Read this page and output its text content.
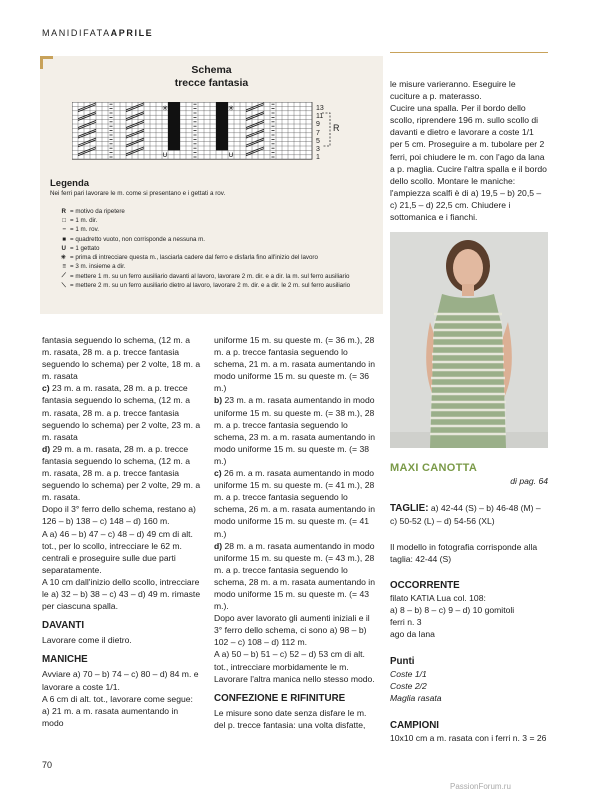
MANIDIFATAAPRILE
Schema
trecce fantasia
✳	✳
U	U
13
11
9
7
5
3
1
R
Legenda
Nei ferri pari lavorare le m. come si presentano e i gettati a rov.
R = motivo da ripetere
□ = 1 m. dir.
− = 1 m. rov.
■ = quadretto vuoto, non corrisponde a nessuna m.
U = 1 gettato
✳ = prima di intrecciare questa m., lasciarla cadere dal ferro e disfarla fino all'inizio del lavoro
≡ = 3 m. insieme a dir.
⟋ = mettere 1 m. su un ferro ausiliario davanti al lavoro, lavorare 2 m. dir. e a dir. la m. sul ferro ausiliario
⟍ = mettere 2 m. su un ferro ausiliario dietro al lavoro, lavorare 2 m. dir. e a dir. le 2 m. sul ferro ausiliario

fantasia seguendo lo schema, (12 m. a m. rasata, 28 m. a p. trecce fantasia seguendo lo schema) per 2 volte, 18 m. a m. rasata

c) 23 m. a m. rasata, 28 m. a p. trecce fantasia seguendo lo schema, (12 m. a m. rasata, 28 m. a p. trecce fantasia seguendo lo schema) per 2 volte, 23 m. a m. rasata

d) 29 m. a m. rasata, 28 m. a p. trecce fantasia seguendo lo schema, (12 m. a m. rasata, 28 m. a p. trecce fantasia seguendo lo schema) per 2 volte, 29 m. a m. rasata.

Dopo il 3° ferro dello schema, restano a) 126 – b) 138 – c) 148 – d) 160 m.

A a) 46 – b) 47 – c) 48 – d) 49 cm di alt. tot., per lo scollo, intrecciare le 62 m. centrali e proseguire sulle due parti separatamente.

A 10 cm dall'inizio dello scollo, intrecciare le a) 32 – b) 38 – c) 43 – d) 49 m. rimaste per ciascuna spalla.

DAVANTI

Lavorare come il dietro.

MANICHE

Avviare a) 70 – b) 74 – c) 80 – d) 84 m. e lavorare a coste 1/1.

A 6 cm di alt. tot., lavorare come segue: a) 21 m. a m. rasata aumentando in modo

uniforme 15 m. su queste m. (= 36 m.), 28 m. a p. trecce fantasia seguendo lo schema, 21 m. a m. rasata aumentando in modo uniforme 15 m. su queste m. (= 36 m.)

b) 23 m. a m. rasata aumentando in modo uniforme 15 m. su queste m. (= 38 m.), 28 m. a p. trecce fantasia seguendo lo schema, 23 m. a m. rasata aumentando in modo uniforme 15 m. su queste m. (= 38 m.)

c) 26 m. a m. rasata aumentando in modo uniforme 15 m. su queste m. (= 41 m.), 28 m. a p. trecce fantasia seguendo lo schema, 26 m. a m. rasata aumentando in modo uniforme 15 m. su queste m. (= 41 m.)

d) 28 m. a m. rasata aumentando in modo uniforme 15 m. su queste m. (= 43 m.), 28 m. a p. trecce fantasia seguendo lo schema, 28 m. a m. rasata aumentando in modo uniforme 15 m. su queste m. (= 43 m.).

Dopo aver lavorato gli aumenti iniziali e il 3° ferro dello schema, ci sono a) 98 – b) 102 – c) 108 – d) 112 m.

A a) 50 – b) 51 – c) 52 – d) 53 cm di alt. tot., intrecciare morbidamente le m.

Lavorare l'altra manica nello stesso modo.

CONFEZIONE E RIFINITURE

Le misure sono date senza disfare le m. del p. trecce fantasia: una volta disfatte,

le misure varieranno. Eseguire le cuciture a p. materasso.

Cucire una spalla. Per il bordo dello scollo, riprendere 196 m. sullo scollo di davanti e dietro e lavorare a coste 1/1 per 5 cm. Proseguire a m. tubolare per 2 ferri, poi chiudere le m. con l'ago da lana a p. maglia. Cucire l'altra spalla e il bordo dello scollo. Montare le maniche: l'ampiezza scalfi è di a) 19,5 – b) 20,5 – c) 21,5 – d) 22,5 cm. Chiudere i sottomanica e i fianchi.

MAXI CANOTTA
di pag. 64
TAGLIE: a) 42-44 (S) – b) 46-48 (M) – c) 50-52 (L) – d) 54-56 (XL)
Il modello in fotografia corrisponde alla taglia: 42-44 (S)
OCCORRENTE
filato KATIA Lua col. 108:
a) 8 – b) 8 – c) 9 – d) 10 gomitoli
ferri n. 3
ago da lana
Punti
Coste 1/1
Coste 2/2
Maglia rasata
CAMPIONI
10x10 cm a m. rasata con i ferri n. 3 = 26
70
PassionForum.ru
